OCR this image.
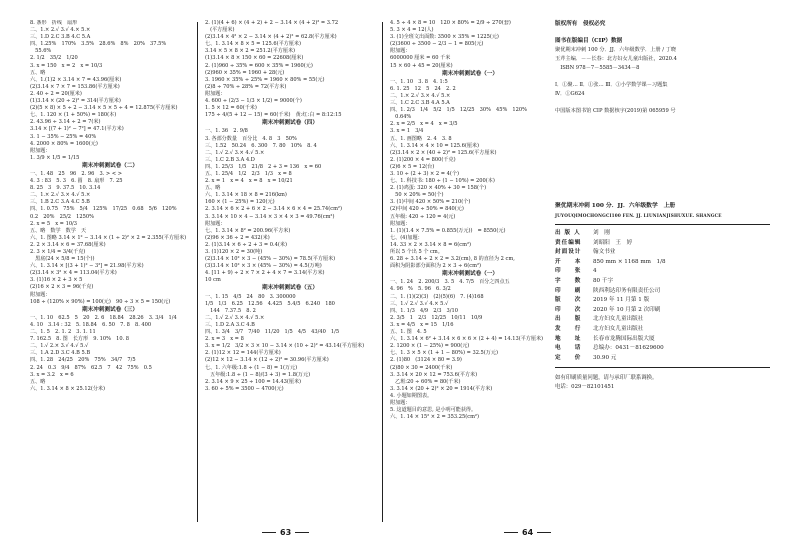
8. 条形　折线　扇形
二、1.× 2.√ 3.√ 4.× 5.×
三、1.D 2.C 3.B 4.C 5.A
四、1.25%　170%　3.5%　28.6%　8%　20%　37.5%
　55.6%
2. 1/2　35/2　1/20
3. x = 150　x = 2　x = 10/3
五、略
六、1.(1)2 × 3.14 × 7 = 43.96(厘米)
(2)3.14 × 7 × 7 = 153.86(平方厘米)
2. 40 ÷ 2 = 20(厘米)
(1)3.14 × (20 ÷ 2)² = 314(平方厘米)
(2)(5 × 8) × 5 ÷ 2 − 3.14 × 5 × 5 ÷ 4 = 12.875(平方厘米)
七、1. 120 × (1 + 50%) = 180(本)
2. 43.96 ÷ 3.14 ÷ 2 = 7(米)
3.14 × [(7 + 1)² − 7²] = 47.1(平方米)
3. 1 − 35% − 25% = 40%
4. 2000 × 80% = 1600(元)
附加题：
1. 3/9 × 1/5 = 1/15
期末冲刺测试卷（二）
一、1. 48　25　96　2. 96　3. > < >
4. 3 : 83　5. 3　6. 圆　8. 扇形　7. 25
8. 25　3　9. 37.5　10. 3.14
二、1.× 2.√ 3.× 4.√ 5.×
三、1.B 2.C 3.A 4.C 5.B
四、1. 0.75　75%　5/4　125%　17/25　0.68　5/6　120%
0.2　20%　25/2　1250%
2. x = 5　x = 10/3
五、略　数学　数学　天
六、1. 图略 3.14 × 1² − 3.14 × (1 ÷ 2)² × 2 = 2.355(平方厘米)
2. 2 × 3.14 × 6 = 37.68(厘米)
2. 3 × 1/4 = 3/4(千克)
　黑底(24 × 5/8 = 15(个))
六、1. 3.14 × [(3 + 1)² − 3²] = 21.98(平方米)
(2)3.14 × 3² × 4 = 113.04(平方米)
3. (1)16 × 2 + 3 × 5
(2)16 × 2 × 3 = 96(千克)
附加题：
108 ÷ (120% × 90%) = 100(元)　90 ÷ 3 × 5 = 150(元)
期末冲刺测试卷（三）
一、1. 10　62.5　5　20　2. 6　18.84　28.26　3. 3/4　1/4
4. 10　3.14 : 32　5. 18.84　6. 50　7. 8　8. 400
二、1. 5　2. 1. 2　3. 1. 11
7. 162.5　8. 图　长方形　9. 10%　10. 8
二、1.√ 2.× 3.√ 4.√ 5.√
三、1.A 2.D 3.C 4.B 5.B
四、1. 28　24/25　20%　75%　34/7　7/5
2. 24　0.3　9/4　87%　62.5　7　42　75%　0.5
3. x = 3.2　x = 6
五、略
六、1. 3.14 × 8 × 25.12(分米)
2. (1)(4 + 6) × (4 + 2) + 2 − 3.14 × (4 + 2)² = 3.72
　(平方厘米)
(2)3.14 × 4² × 2 − 3.14 × (4 + 2)² = 62.8(平方厘米)
七、1. 3.14 × 8 × 5 = 125.6(平方厘米)
3.14 × 5 × 8 × 2 = 251.2(平方厘米)
(1)3.14 × 8 × 150 × 60 = 22608(厘米)
2. (1)960 ÷ 35% = 600 × 35% = 1960(元)
(2)960 × 35% = 1960 + 28(元)
3. 1960 × 35% ÷ 25% = 1960 × 80% = 55(元)
(2)8 ÷ 70% ÷ 28% = 72(平方米)
附加题：
4. 600 ÷ (2/3 − 1/3 × 1/2) = 9000(个)
1. 5 × 12 = 60(千米)
175 ÷ 4/(5 + 12 − 15) = 60(千米)　黄:红:白 = 8:12:15
期末冲刺测试卷（四）
一、1. 36　2. 9/8
3. 各部分数量　百分比　4. 8　3　50%
三、1.52　50.24　6. 300　7. 80　10%　8. 4
二、1.√ 2.√ 3.× 4.√ 5.×
三、1.C 2.B 3.A 4.D
四、1. 25/3　1/5　21/8　2 + 3 = 136　x = 60
五、1. 25/4　1/2　2/3　1/3　x = 8
2. x = 1　x = 4　x = 8　x = 10/21
五、略
六、1. 3.14 × 18 × 8 = 216(km)
160 × (1 − 25%) = 120(元)
2. 3.14 × 6 × 2 + 6 × 2 − 3.14 × 6 × 4 = 25.74(cm²)
3. 3.14 × 10 × 4 − 3.14 × 3 × 4 × 3 = 49.76(cm²)
附加题：
七、1. 3.14 × 8² = 200.96(平方米)
(2)96 × 36 ÷ 2 = 432(米)
2. (1)3.14 × 6 ÷ 2 + 3 = 0.4(米)
3. (1)120 × 2 = 30(吨)
(2)3.14 × 10² × 3 − (45% − 30%) = 78.5(平方厘米)
(3)3.14 × 10² × 3 × (45% − 30%) = 4.5(万吨)
4. [11 + 9) ÷ 2 × 7 × 2 + 4 × 7 = 3.14(平方米)
10 cm
期末冲刺测试卷（五）
一、1. 15　4/5　24　80　3. 300000
1/5　1/3　6.25　12.56　4.425　5.4/5　6.240　180
　144　7.37.5　8. 2
二、1.√ 2.√ 3.× 4.√ 5.×
三、1.D 2.A 3.C 4.B
四、1. 3/4　3/7　7/40　11/20　1/5　4/5　43/40　1/5
2. x = 3　x = 8
3. x = 1/2　3/2 × 3 × 10 − 3.14 × (10 ÷ 2)² = 43.14(平方厘米)
2. (1)12 × 12 = 144(平方厘米)
(2)12 × 12 − 3.14 × (12 ÷ 2)² = 30.96(平方厘米)
七、1. 六年级:1.8 ÷ (1 − 8) = 1(万元)
　五年级:1.8 ÷ (1 − 8)/(3 + 3) = 1.8(万元)
2. 3.14 × 9 × 25 ÷ 100 = 14.43(厘米)
3. 60 ÷ 5% = 3500 − 4700(元)
4. 5 ÷ 4 × 8 = 10　120 × 80% = 2/9 ÷ 270(套)
5. 3 × 4 = 12(人)
3. (1)全班文出面数: 3500 × 35% = 1225(元)
(2)3600 ÷ 3500 − 2/3 − 1 = 805(元)
附加题：
6000000 厘米 = 60 千米
15 × 60 + 45 = 20(厘米)
期末冲刺测试卷（一）
一、1. 10　3. 8　4. 1:5
6. 1. 25　12　5　24　2. 2
二、1.× 2.√ 3.× 4.√ 5.×
三、1.C 2.C 3.B 4.A 5.A
四、1. 2/3　1/4　5/2　1/5　12/25　30%　45%　120%
　0.64%
2. x = 2/5　x = 4　x = 3/5
3. x = 1　3/4
五、1. 画图略　2. 4　3. 8
六、1. 3.14 × 4 × 10 = 125.6(厘米)
(2)3.14 × 2 × (40 + 2)² = 125.6(平方厘米)
2. (1)200 × 4 = 800(千克)
(2)6 × 5 = 12(台)
3. 10 ÷ (2 + 3) × 2 = 4(个)
七、1. 科技书: 180 ÷ (1 − 10%) = 200(本)
2. (1)鸡蛋: 320 × 40% + 30 = 158(个)
　50 × 20% = 50(个)
3. (1)中间 420 × 50% = 210(个)
(2)中间 420 ÷ 50% = 840(元)
五年级: 420 ÷ 120 = 4(元)
附加题：
1. (1)(1.4 × 7.5% = 0.855(万元))　= 8550(元)
七、(4)加题：
14. 33 × 2 × 3.14 × 8 = 6(cm²)
所以 5 个出 5 个 cm。
6. 28 ÷ 3.14 ÷ 2 × 2 = 3.2(cm), 8 的直径为 2 cm,
面积为阴影部分面积为 2 × 3 ÷ 6(cm²)
期末冲刺测试卷（一）
一、1. 24　2. 200/3　3. 5　4. 7/5　百分之四点五
4. 96　%　5. 96　6. 3/2
二、1. (1)(2)(3)　(2)(5)(6)　7. (4)168
三、1.√ 2.√ 3.√ 4.× 5.√
四、1. 1/3　4/9　2/3　3/10
2. 3/5　1　2/3　12/25　10/11　10/9
3. x = 4/5　x = 15　1/16
五、1. 图　4. 5
六、1. 3.14 × 6² + 3.14 × 6 × 6 × (2 + 4) = 14.13(平方厘米)
2. 1200 × (1 − 25%) = 900(元)
七、1. 3 × 5 × (1 + 1 − 80%) = 32.5(万元)
2. (1)80　(3124 × 80 = 3.9)
(2)80 × 30 = 2400(千米)
3. 3.14 × 20 × 12 = 753.6(平方米)
　乙班:20 ÷ 60% = 80(千米)
3. 3.14 × (20 + 2)² × 20 = 1914(平方米)
4. 小题如期图表。
附加题：
5. 这道题目的意思, 是小明可能获得。
六、1. 14 × 15² × 2 = 353.25(cm²)
63	64
版权所有　侵权必究
图书在版编目（CIP）数据
聚优期末冲刺 100 分．JJ．六年级数学．上册 / 丁晓
玉芹主编．－－长春：北方妇女儿童出版社，2020.4
　ISBN 978－7－5585－3434－8
Ⅰ．①聚… Ⅱ．①张… Ⅲ．①小学数学课－习题集
Ⅳ．①G624
中国版本图书馆 CIP 数据核字(2019)第 065959 号
聚优期末冲刺 100 分．JJ．六年级数学　上册
JUYOUQIMOCHONGCI100 FEN. JJ. LIUNIANJISHUXUE. SHANGCE
出 版 人	刘　刚
责任编辑	刘昭阳　王　婷
封面设计	翰文书业
开　　本	850 mm × 1168 mm　1/8
印　　张	4
字　　数	80 千字
印　　刷	陕西利达印务有限责任公司
版　　次	2019 年 11 月第 1 版
印　　次	2020 年 10 月第 2 次印刷
出　　版	北方妇女儿童出版社
发　　行	北方妇女儿童出版社
地　　址	长春市龙腾国际出版大厦
电　　话	总编办：0431－81629600
定　　价	30.90 元
如有印刷质量问题，请与承印厂联系调换。
电话：029－82101451
